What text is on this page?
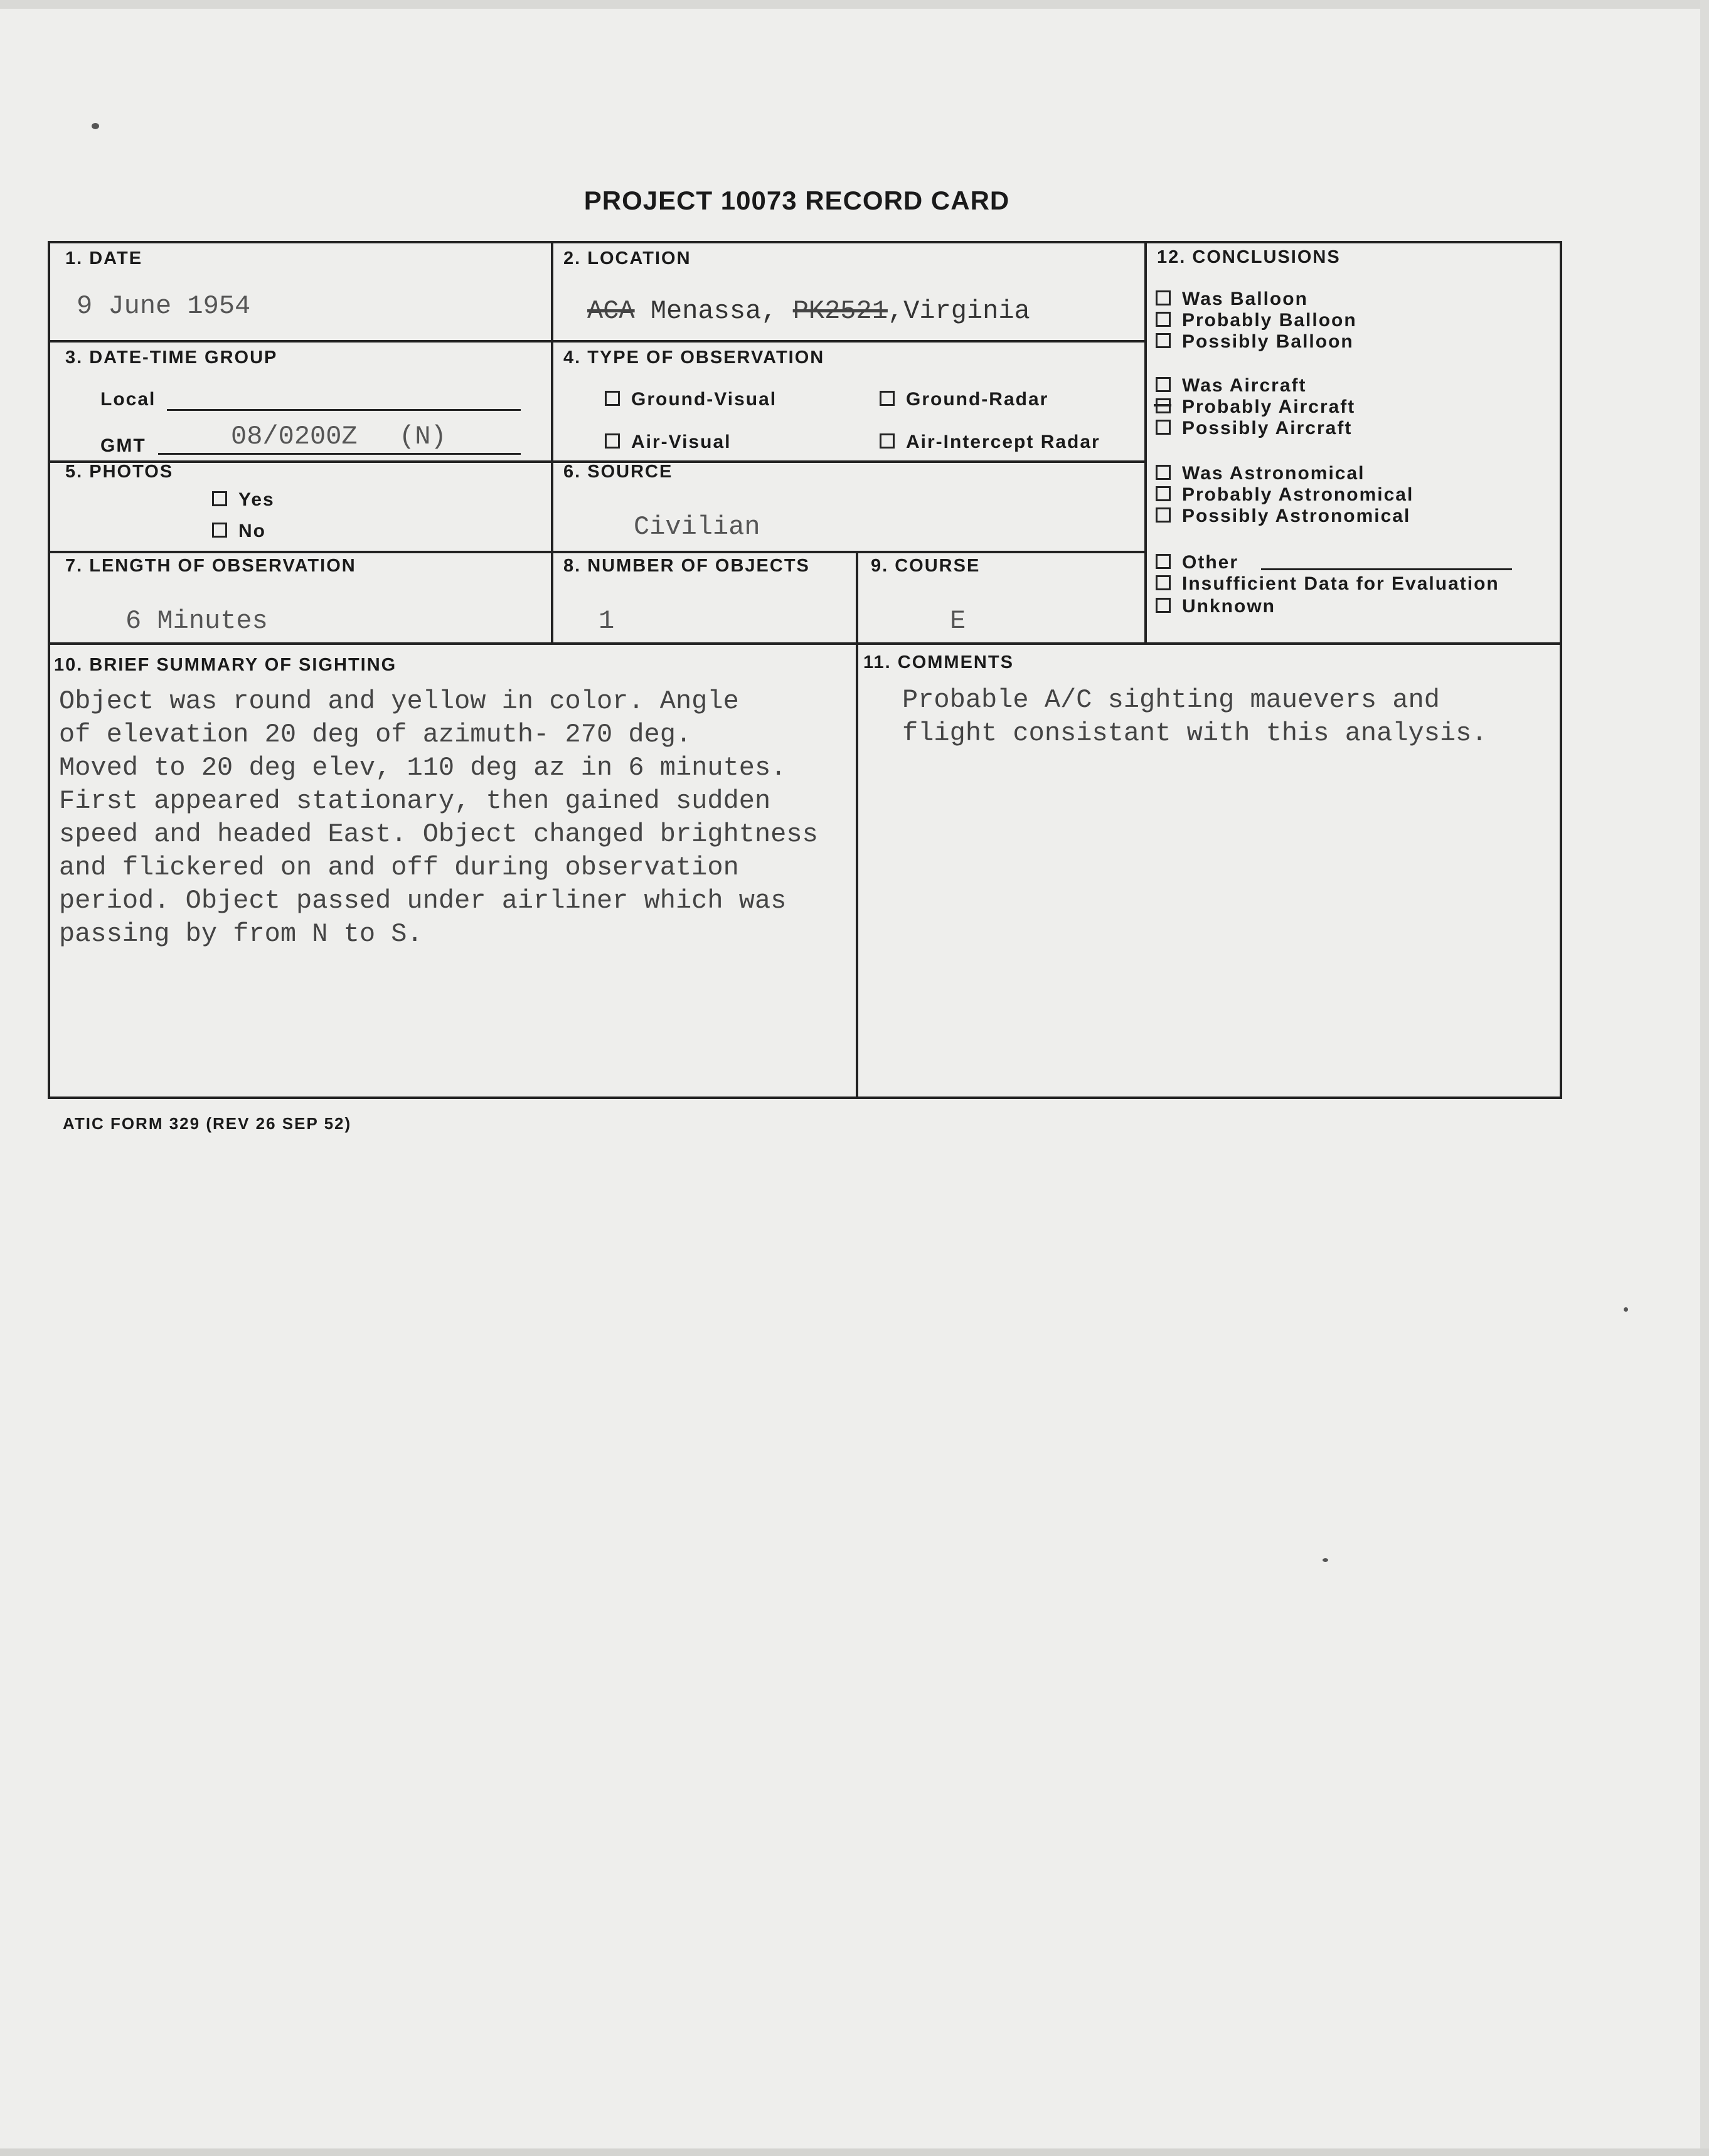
PROJECT 10073 RECORD CARD
1. DATE
9 June 1954
2. LOCATION
ACA Menassa, PK2521,Virginia
3. DATE-TIME GROUP
Local
GMT	08/0200Z (N)
4. TYPE OF OBSERVATION
Ground-Visual	Ground-Radar
Air-Visual	Air-Intercept Radar
5. PHOTOS
Yes
No
6. SOURCE
Civilian
7. LENGTH OF OBSERVATION
6 Minutes
8. NUMBER OF OBJECTS
1
9. COURSE
E
12. CONCLUSIONS
Was Balloon
Probably Balloon
Possibly Balloon
Was Aircraft
Probably Aircraft
Possibly Aircraft
Was Astronomical
Probably Astronomical
Possibly Astronomical
Other
Insufficient Data for Evaluation
Unknown
10. BRIEF SUMMARY OF SIGHTING
Object was round and yellow in color. Angle
of elevation 20 deg of azimuth- 270 deg.
Moved to 20 deg elev, 110 deg az in 6 minutes.
First appeared stationary, then gained sudden
speed and headed East. Object changed brightness
and flickered on and off during observation
period. Object passed under airliner which was
passing by from N to S.
11. COMMENTS
Probable A/C sighting mauevers and
flight consistant with this analysis.
ATIC FORM 329 (REV 26 SEP 52)
